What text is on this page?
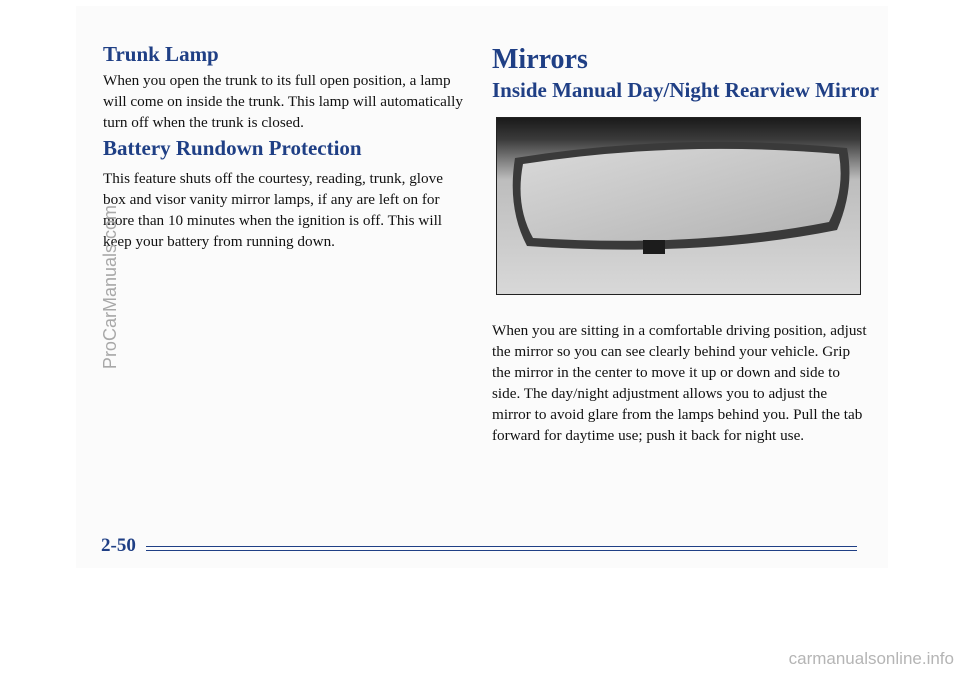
Trunk Lamp

When you open the trunk to its full open position, a lamp will come on inside the trunk. This lamp will automatically turn off when the trunk is closed.

Battery Rundown Protection

This feature shuts off the courtesy, reading, trunk, glove box and visor vanity mirror lamps, if any are left on for more than 10 minutes when the ignition is off. This will keep your battery from running down.

Mirrors
Inside Manual Day/Night Rearview Mirror

When you are sitting in a comfortable driving position, adjust the mirror so you can see clearly behind your vehicle. Grip the mirror in the center to move it up or down and side to side. The day/night adjustment allows you to adjust the mirror to avoid glare from the lamps behind you. Pull the tab forward for daytime use; push it back for night use.

2-50
ProCarManuals.com
carmanualsonline.info
